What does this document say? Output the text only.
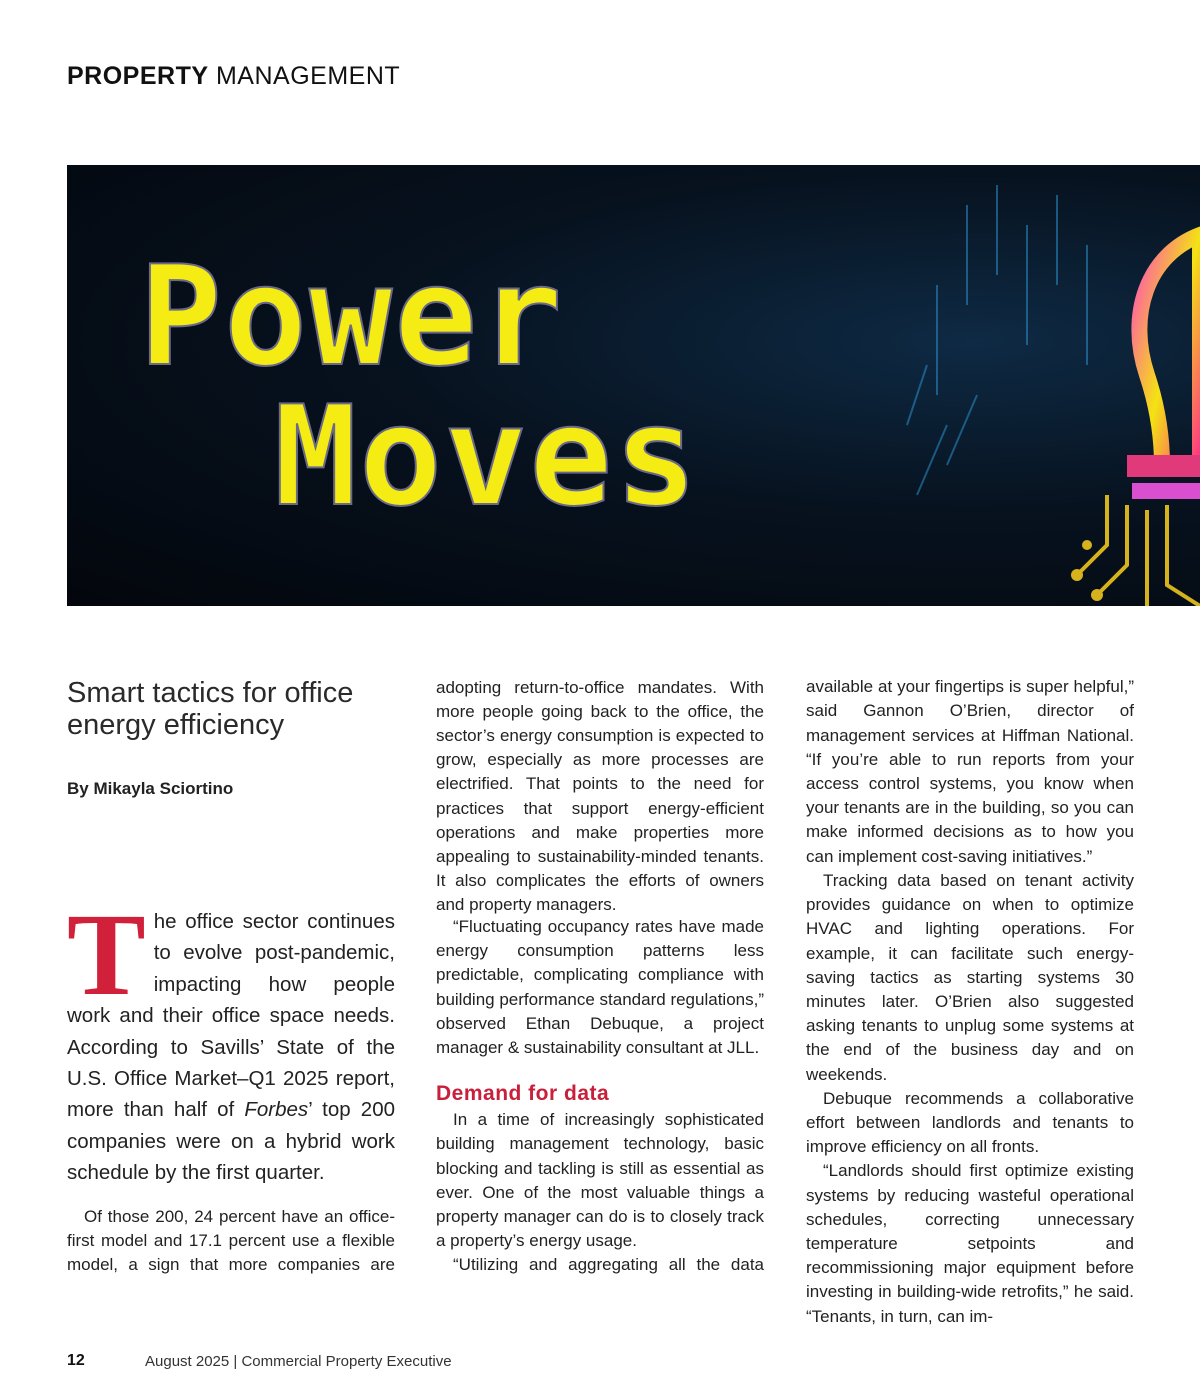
PROPERTY MANAGEMENT
Power
Moves
Smart tactics for office energy efficiency
By Mikayla Sciortino
The office sector continues to evolve post-pandemic, impacting how people work and their office space needs. According to Savills’ State of the U.S. Office Market–Q1 2025 report, more than half of Forbes’ top 200 companies were on a hybrid work schedule by the first quarter.

Of those 200, 24 percent have an office-first model and 17.1 percent use a flexible model, a sign that more companies are

adopting return-to-office mandates. With more people going back to the office, the sector’s energy consumption is expected to grow, especially as more processes are electrified. That points to the need for practices that support energy-efficient operations and make properties more appealing to sustainability-minded tenants. It also complicates the efforts of owners and property managers.

“Fluctuating occupancy rates have made energy consumption patterns less predictable, complicating compliance with building performance standard regulations,” observed Ethan Debuque, a project manager & sustainability consultant at JLL.

Demand for data

In a time of increasingly sophisticated building management technology, basic blocking and tackling is still as essential as ever. One of the most valuable things a property manager can do is to closely track a property’s energy usage.

“Utilizing and aggregating all the data

available at your fingertips is super helpful,” said Gannon O’Brien, director of management services at Hiffman National. “If you’re able to run reports from your access control systems, you know when your tenants are in the building, so you can make informed decisions as to how you can implement cost-saving initiatives.”

Tracking data based on tenant activity provides guidance on when to optimize HVAC and lighting operations. For example, it can facilitate such energy-saving tactics as starting systems 30 minutes later. O’Brien also suggested asking tenants to unplug some systems at the end of the business day and on weekends.

Debuque recommends a collaborative effort between landlords and tenants to improve efficiency on all fronts.

“Landlords should first optimize existing systems by reducing wasteful operational schedules, correcting unnecessary temperature setpoints and recommissioning major equipment before investing in building-wide retrofits,” he said. “Tenants, in turn, can im-

12	August 2025 | Commercial Property Executive
